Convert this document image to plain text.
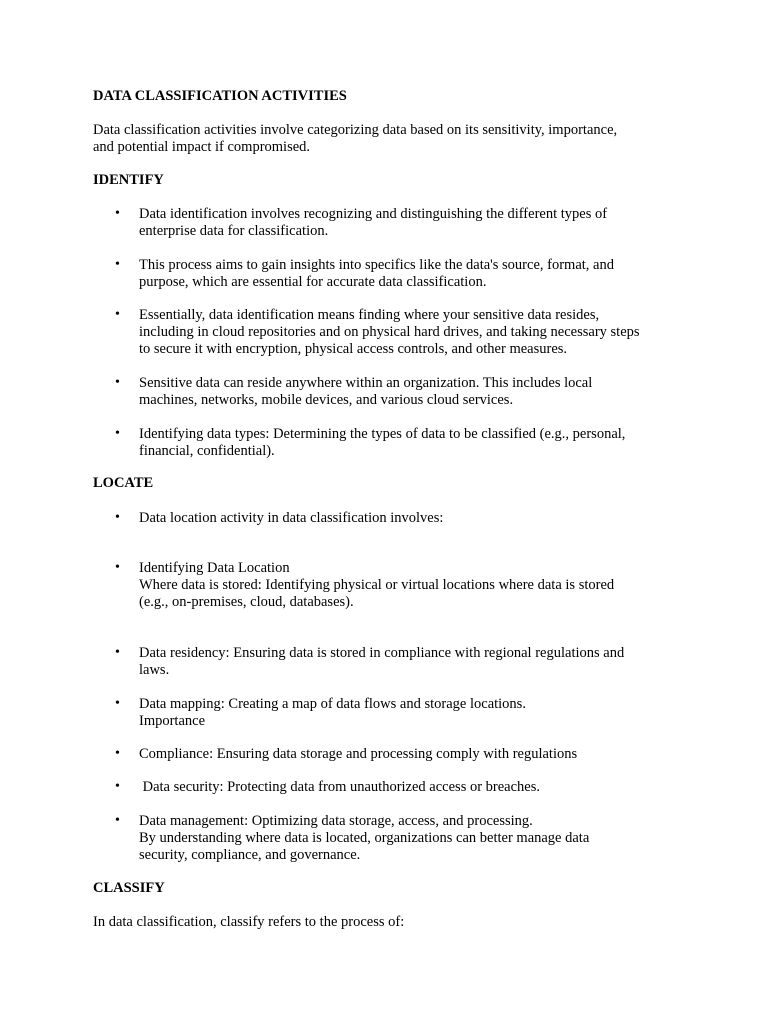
DATA CLASSIFICATION ACTIVITIES
Data classification activities involve categorizing data based on its sensitivity, importance,
and potential impact if compromised.
IDENTIFY
•	Data identification involves recognizing and distinguishing the different types of
enterprise data for classification.
•	This process aims to gain insights into specifics like the data's source, format, and
purpose, which are essential for accurate data classification.
•	Essentially, data identification means finding where your sensitive data resides,
including in cloud repositories and on physical hard drives, and taking necessary steps
to secure it with encryption, physical access controls, and other measures.
•	Sensitive data can reside anywhere within an organization. This includes local
machines, networks, mobile devices, and various cloud services.
•	Identifying data types: Determining the types of data to be classified (e.g., personal,
financial, confidential).
LOCATE
•	Data location activity in data classification involves:
•	Identifying Data Location
Where data is stored: Identifying physical or virtual locations where data is stored
(e.g., on-premises, cloud, databases).
•	Data residency: Ensuring data is stored in compliance with regional regulations and
laws.
•	Data mapping: Creating a map of data flows and storage locations.
Importance
•	Compliance: Ensuring data storage and processing comply with regulations
•	Data security: Protecting data from unauthorized access or breaches.
•	Data management: Optimizing data storage, access, and processing.
By understanding where data is located, organizations can better manage data
security, compliance, and governance.
CLASSIFY
In data classification, classify refers to the process of:
